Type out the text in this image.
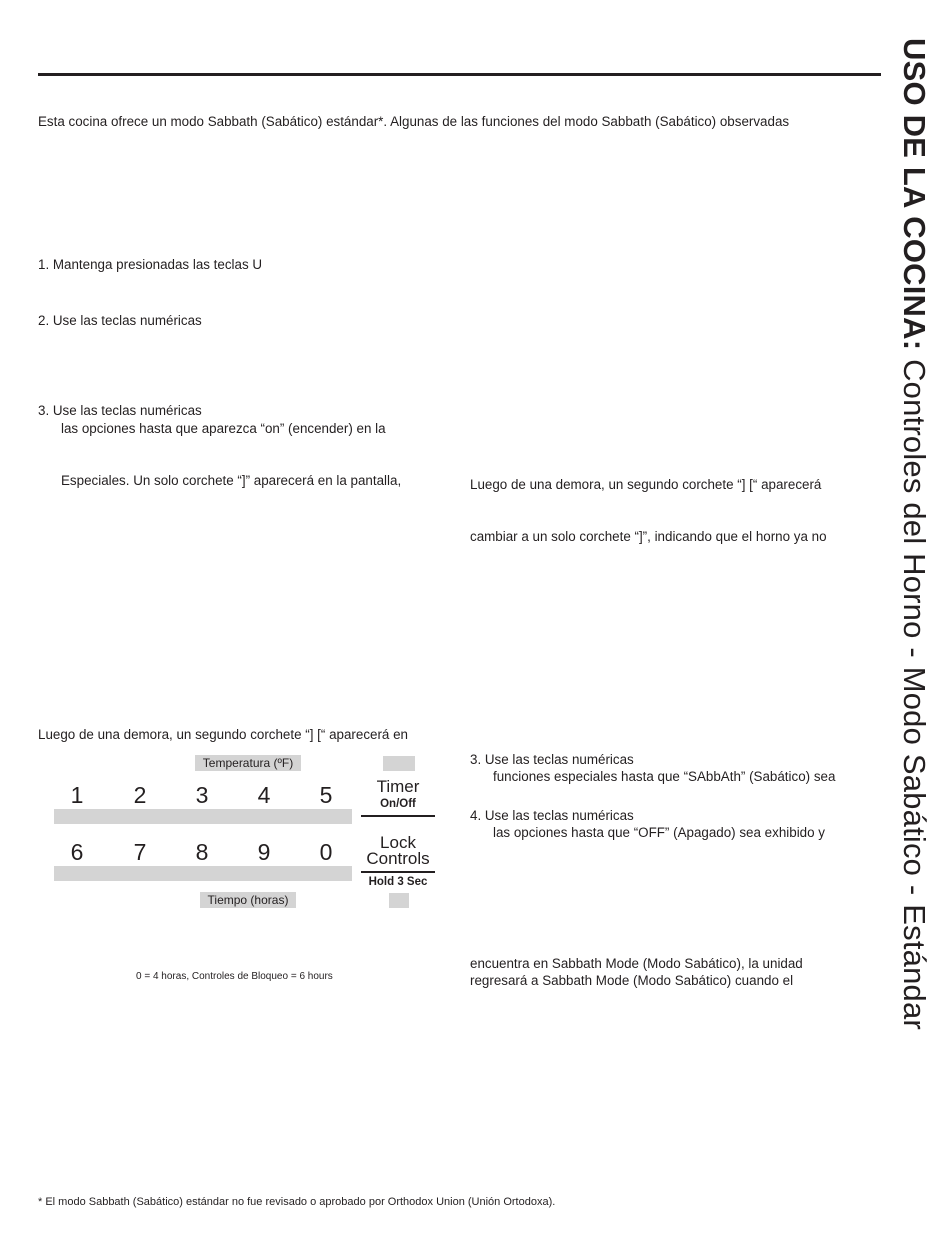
USO DE LA COCINA: Controles del Horno - Modo Sabático - Estándar
Esta cocina ofrece un modo Sabbath (Sabático) estándar*. Algunas de las funciones del modo Sabbath (Sabático) observadas
1. Mantenga presionadas las teclas U
2. Use las teclas numéricas
3. Use las teclas numéricas
las opciones hasta que aparezca “on” (encender) en la
Especiales. Un solo corchete “]” aparecerá en la pantalla,
Luego de una demora, un segundo corchete “] [“ aparecerá en
Luego de una demora, un segundo corchete “] [“ aparecerá
cambiar a un solo corchete “]”, indicando que el horno ya no
3. Use las teclas numéricas
funciones especiales hasta que “SAbbAth” (Sabático) sea
4. Use las teclas numéricas
las opciones hasta que “OFF” (Apagado) sea exhibido y
encuentra en Sabbath Mode (Modo Sabático), la unidad
regresará a Sabbath Mode (Modo Sabático) cuando el
Temperatura (ºF)
1	2	3	4	5
6	7	8	9	0
Timer
On/Off
Lock
Controls
Hold 3 Sec
Tiempo (horas)
0 = 4 horas, Controles de Bloqueo = 6 hours
* El modo Sabbath (Sabático) estándar no fue revisado o aprobado por Orthodox Union (Unión Ortodoxa).
